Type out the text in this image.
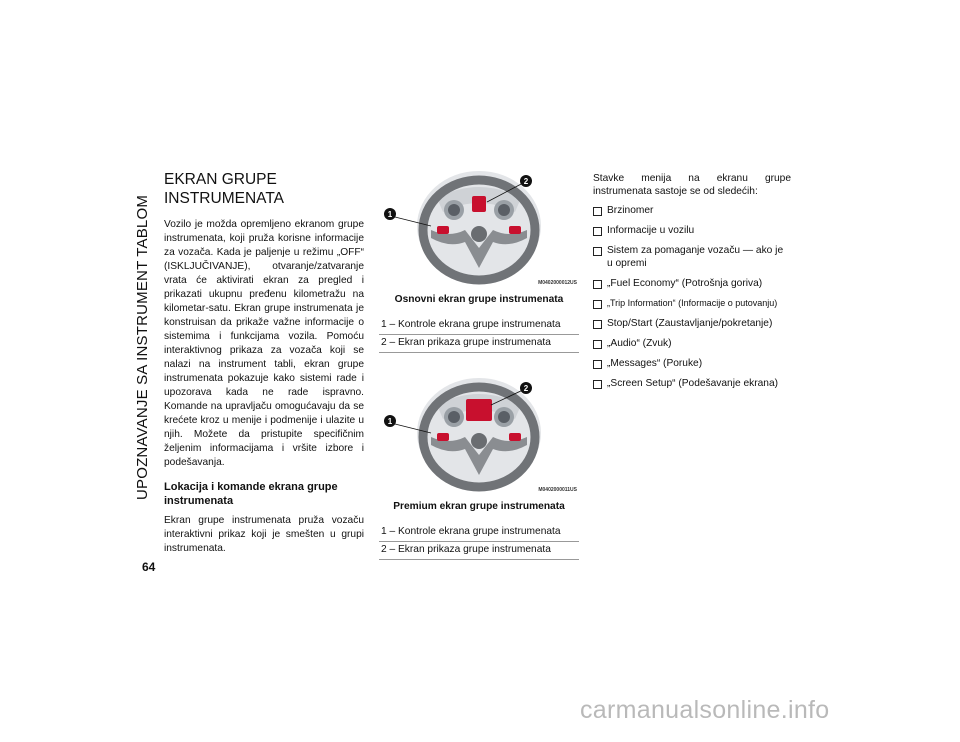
UPOZNAVANJE SA INSTRUMENT TABLOM
64
EKRAN GRUPE INSTRUMENATA

Vozilo je možda opremljeno ekranom grupe instrumenata, koji pruža korisne informacije za vozača. Kada je paljenje u režimu „OFF“ (ISKLJUČIVANJE), otvaranje/zatvaranje vrata će aktivirati ekran za pregled i prikazati ukupnu pređenu kilometražu na kilometar-satu. Ekran grupe instrumenata je konstruisan da prikaže važne informacije o sistemima i funkcijama vozila. Pomoću interaktivnog prikaza za vozača koji se nalazi na instrument tabli, ekran grupe instrumenata pokazuje kako sistemi rade i upozorava kada ne rade ispravno. Komande na upravljaču omogućavaju da se krećete kroz u menije i podmenije i ulazite u njih. Možete da pristupite specifičnim željenim informacijama i vršite izbore i podešavanja.

Lokacija i komande ekrana grupe instrumenata

Ekran grupe instrumenata pruža vozaču interaktivni prikaz koji je smešten u grupi instrumenata.

1
2
M0402000012US
Osnovni ekran grupe instrumenata
1 – Kontrole ekrana grupe instrumenata
2 – Ekran prikaza grupe instrumenata
1
2
M0402000011US
Premium ekran grupe instrumenata
1 – Kontrole ekrana grupe instrumenata
2 – Ekran prikaza grupe instrumenata

Stavke menija na ekranu grupe instrumenata sastoje se od sledećih:

Brzinomer
Informacije u vozilu
Sistem za pomaganje vozaču — ako je u opremi
„Fuel Economy“ (Potrošnja goriva)
„Trip Information“ (Informacije o putovanju)
Stop/Start (Zaustavljanje/pokretanje)
„Audio“ (Zvuk)
„Messages“ (Poruke)
„Screen Setup“ (Podešavanje ekrana)
carmanualsonline.info
